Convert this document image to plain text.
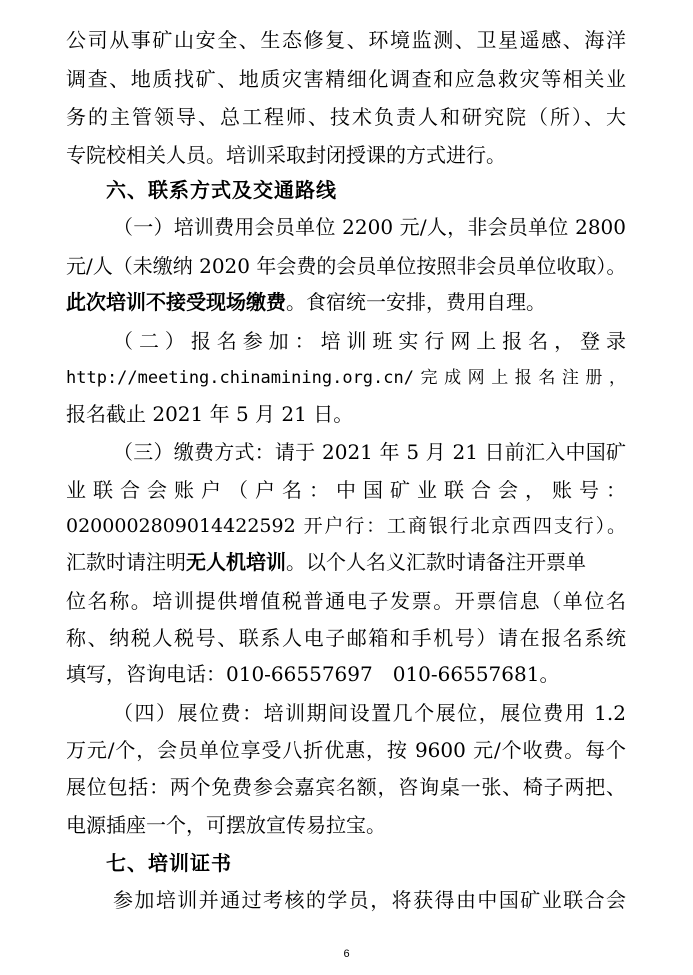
公司从事矿山安全、生态修复、环境监测、卫星遥感、海洋
调查、地质找矿、地质灾害精细化调查和应急救灾等相关业
务的主管领导、总工程师、技术负责人和研究院（所）、大
专院校相关人员。培训采取封闭授课的方式进行。
六、联系方式及交通路线
（一）培训费用会员单位 2200 元/人，非会员单位 2800
元/人（未缴纳 2020 年会费的会员单位按照非会员单位收取）。
此次培训不接受现场缴费。食宿统一安排，费用自理。
（二）报名参加：培训班实行网上报名，登录
http://meeting.chinamining.org.cn/完成网上报名注册，
报名截止 2021 年 5 月 21 日。
（三）缴费方式：请于 2021 年 5 月 21 日前汇入中国矿
业联合会账户（户名：中国矿业联合会，账号：
0200002809014422592 开户行：工商银行北京西四支行）。
汇款时请注明无人机培训。以个人名义汇款时请备注开票单
位名称。培训提供增值税普通电子发票。开票信息（单位名
称、纳税人税号、联系人电子邮箱和手机号）请在报名系统
填写，咨询电话：010-66557697　010-66557681。
（四）展位费：培训期间设置几个展位，展位费用 1.2
万元/个，会员单位享受八折优惠，按 9600 元/个收费。每个
展位包括：两个免费参会嘉宾名额，咨询桌一张、椅子两把、
电源插座一个，可摆放宣传易拉宝。
七、培训证书
参加培训并通过考核的学员，将获得由中国矿业联合会
6
